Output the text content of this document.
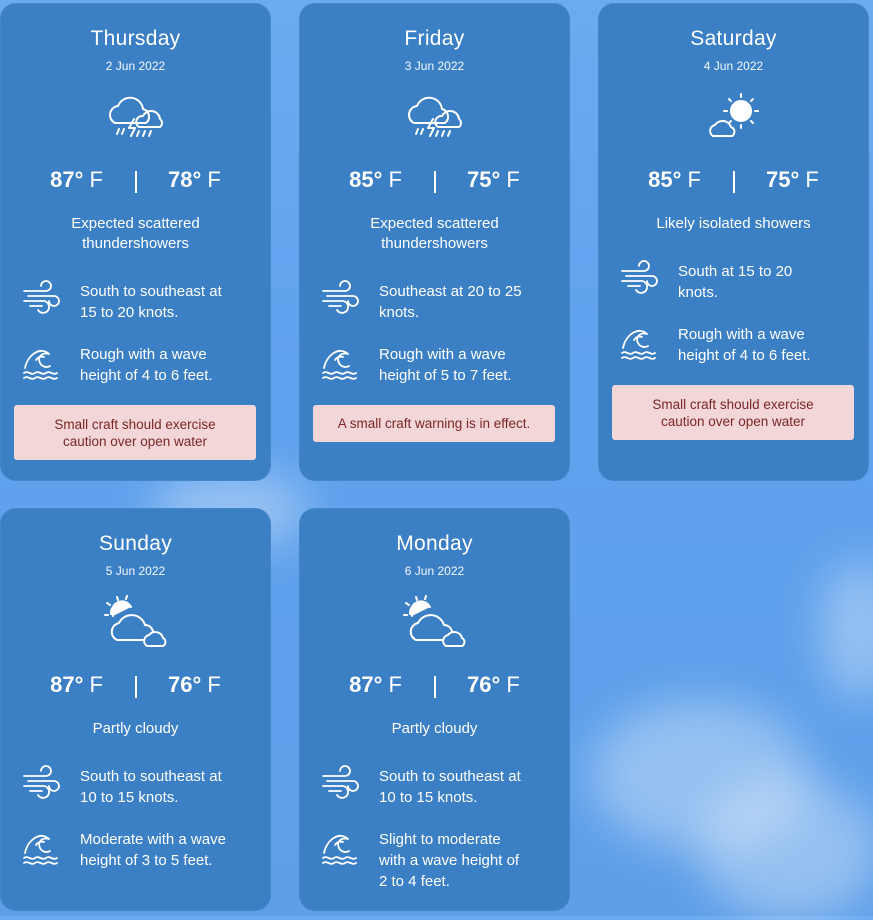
Thursday
2 Jun 2022
87° F	78° F
Expected scattered
thundershowers
South to southeast at
15 to 20 knots.
Rough with a wave
height of 4 to 6 feet.
Small craft should exercise
caution over open water
Friday
3 Jun 2022
85° F	75° F
Expected scattered
thundershowers
Southeast at 20 to 25
knots.
Rough with a wave
height of 5 to 7 feet.
A small craft warning is in effect.
Saturday
4 Jun 2022
85° F	75° F
Likely isolated showers
South at 15 to 20
knots.
Rough with a wave
height of 4 to 6 feet.
Small craft should exercise
caution over open water
Sunday
5 Jun 2022
87° F	76° F
Partly cloudy
South to southeast at
10 to 15 knots.
Moderate with a wave
height of 3 to 5 feet.
Monday
6 Jun 2022
87° F	76° F
Partly cloudy
South to southeast at
10 to 15 knots.
Slight to moderate
with a wave height of
2 to 4 feet.
